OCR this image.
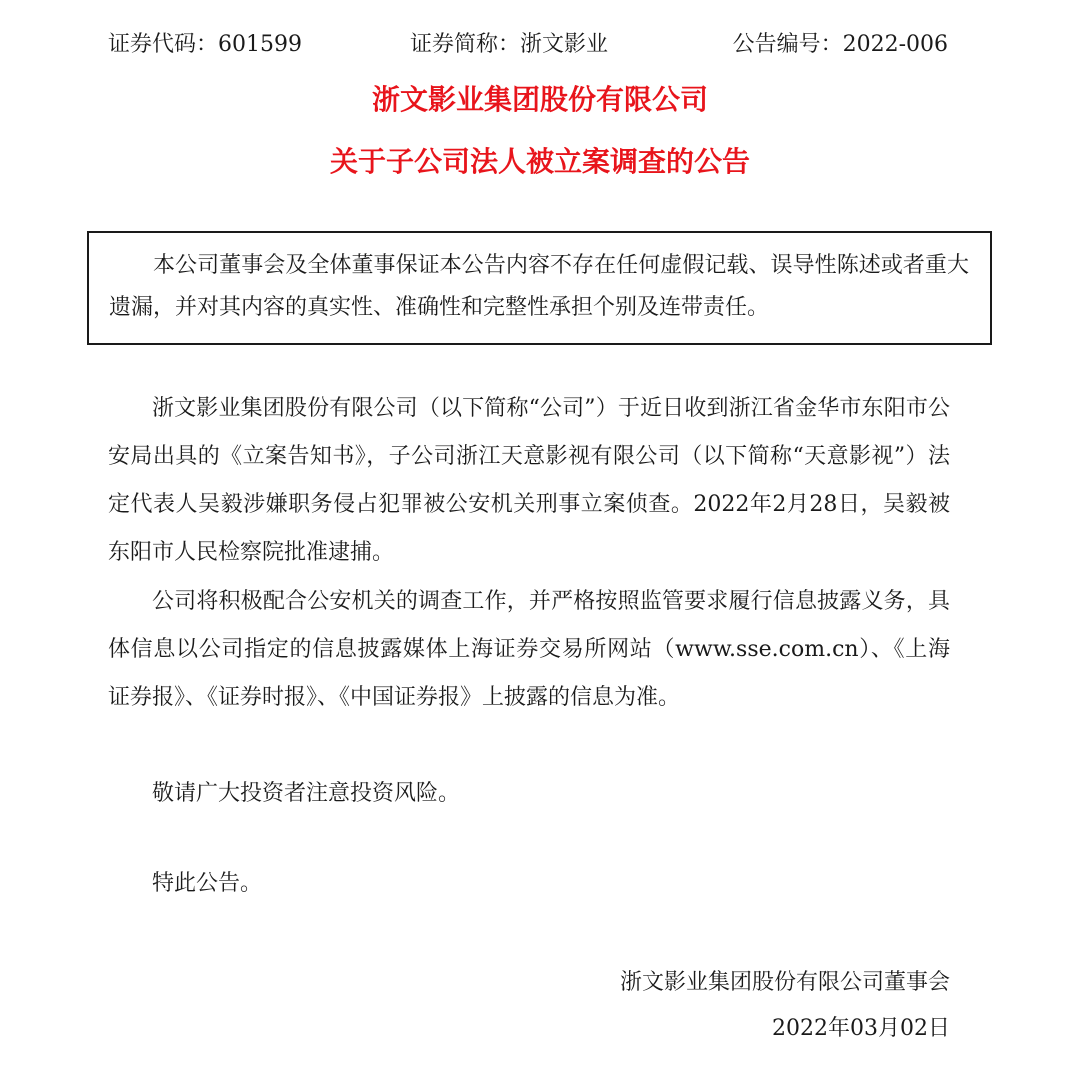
证券代码：601599	证券简称：浙文影业	公告编号：2022-006
浙文影业集团股份有限公司
关于子公司法人被立案调查的公告

本公司董事会及全体董事保证本公告内容不存在任何虚假记载、误导性陈述或者重大遗漏，并对其内容的真实性、准确性和完整性承担个别及连带责任。

浙文影业集团股份有限公司（以下简称“公司”）于近日收到浙江省金华市东阳市公安局出具的《立案告知书》，子公司浙江天意影视有限公司（以下简称“天意影视”）法定代表人吴毅涉嫌职务侵占犯罪被公安机关刑事立案侦查。2022年2月28日，吴毅被东阳市人民检察院批准逮捕。

公司将积极配合公安机关的调查工作，并严格按照监管要求履行信息披露义务，具体信息以公司指定的信息披露媒体上海证券交易所网站（www.sse.com.cn）、《上海证券报》、《证券时报》、《中国证券报》上披露的信息为准。

敬请广大投资者注意投资风险。

特此公告。

浙文影业集团股份有限公司董事会
2022年03月02日
